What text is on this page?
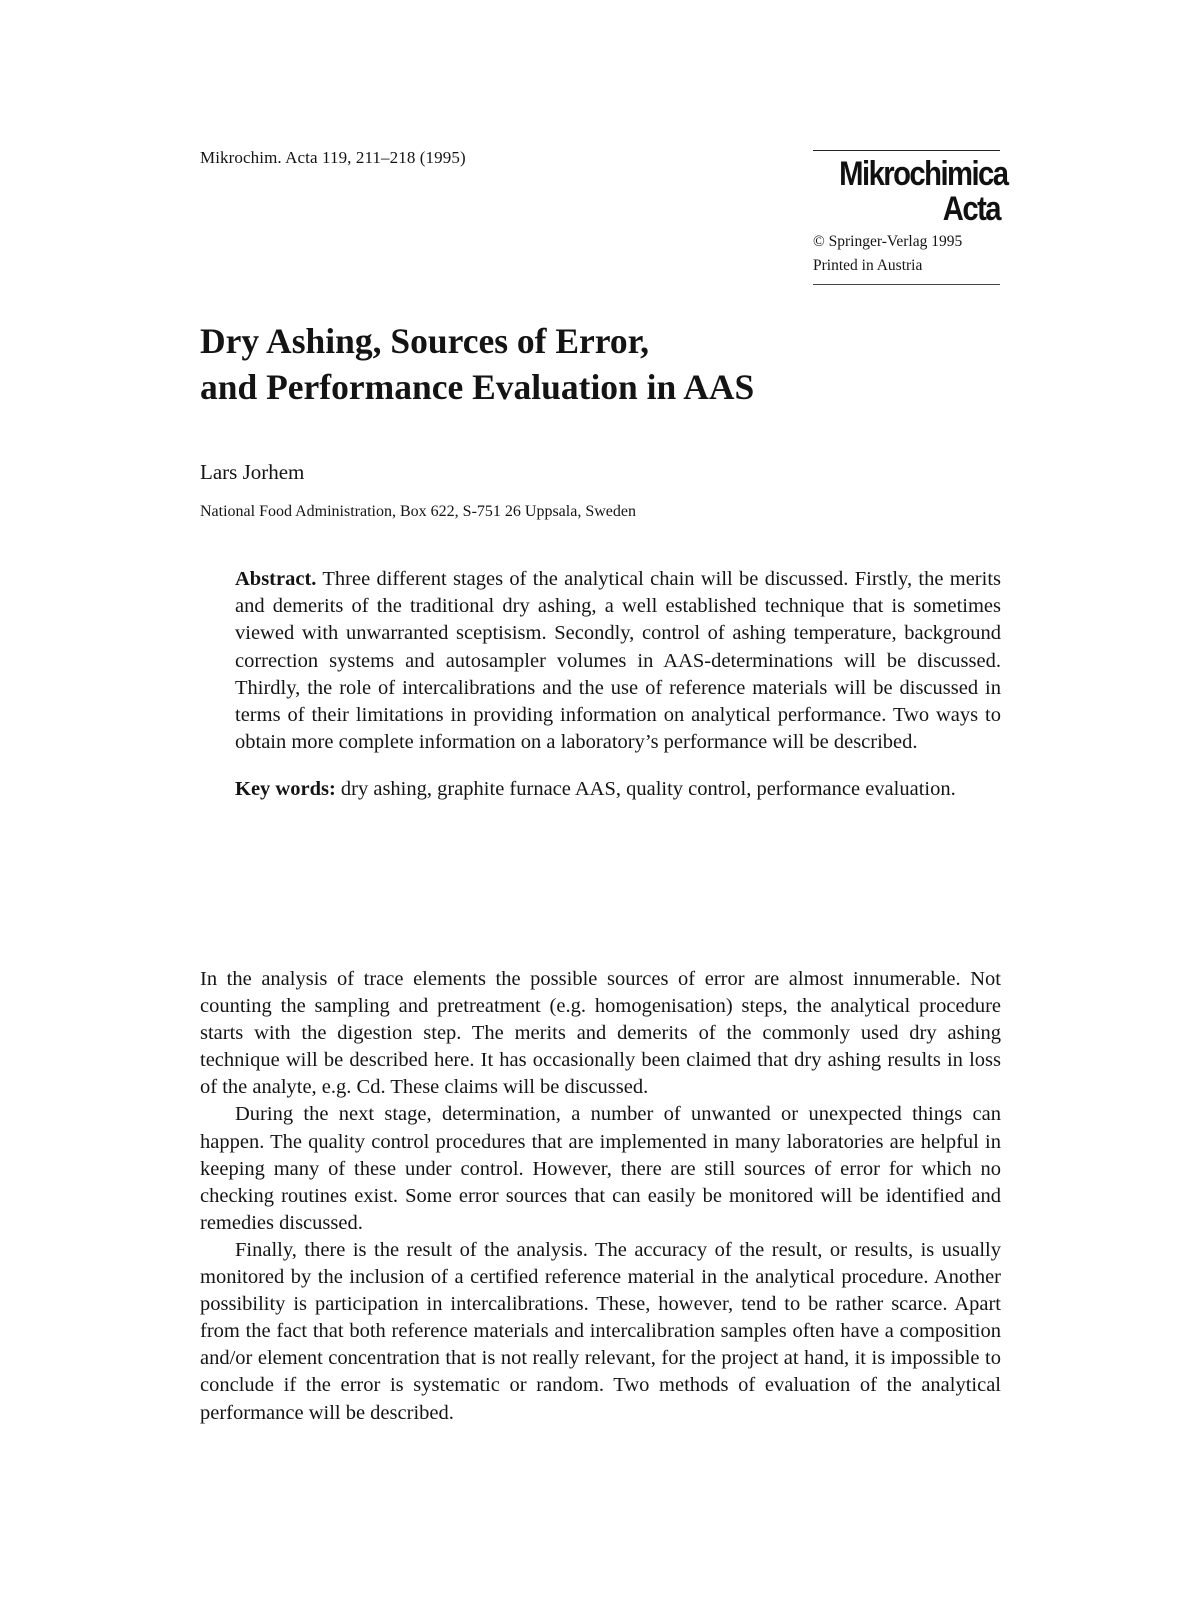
Mikrochim. Acta 119, 211–218 (1995)	Mikrochimica
Acta
© Springer-Verlag 1995
Printed in Austria
Dry Ashing, Sources of Error,
and Performance Evaluation in AAS
Lars Jorhem
National Food Administration, Box 622, S-751 26 Uppsala, Sweden

Abstract. Three different stages of the analytical chain will be discussed. Firstly, the merits and demerits of the traditional dry ashing, a well established technique that is sometimes viewed with unwarranted sceptisism. Secondly, control of ashing temperature, background correction systems and autosampler volumes in AAS-determinations will be discussed. Thirdly, the role of intercalibrations and the use of reference materials will be discussed in terms of their limitations in providing information on analytical performance. Two ways to obtain more complete information on a laboratory’s performance will be described.

Key words: dry ashing, graphite furnace AAS, quality control, performance evaluation.

In the analysis of trace elements the possible sources of error are almost innumerable. Not counting the sampling and pretreatment (e.g. homogenisation) steps, the analytical procedure starts with the digestion step. The merits and demerits of the commonly used dry ashing technique will be described here. It has occasionally been claimed that dry ashing results in loss of the analyte, e.g. Cd. These claims will be discussed.

During the next stage, determination, a number of unwanted or unexpected things can happen. The quality control procedures that are implemented in many laboratories are helpful in keeping many of these under control. However, there are still sources of error for which no checking routines exist. Some error sources that can easily be monitored will be identified and remedies discussed.

Finally, there is the result of the analysis. The accuracy of the result, or results, is usually monitored by the inclusion of a certified reference material in the analytical procedure. Another possibility is participation in intercalibrations. These, however, tend to be rather scarce. Apart from the fact that both reference materials and intercalibration samples often have a composition and/or element concentration that is not really relevant, for the project at hand, it is impossible to conclude if the error is systematic or random. Two methods of evaluation of the analytical performance will be described.
